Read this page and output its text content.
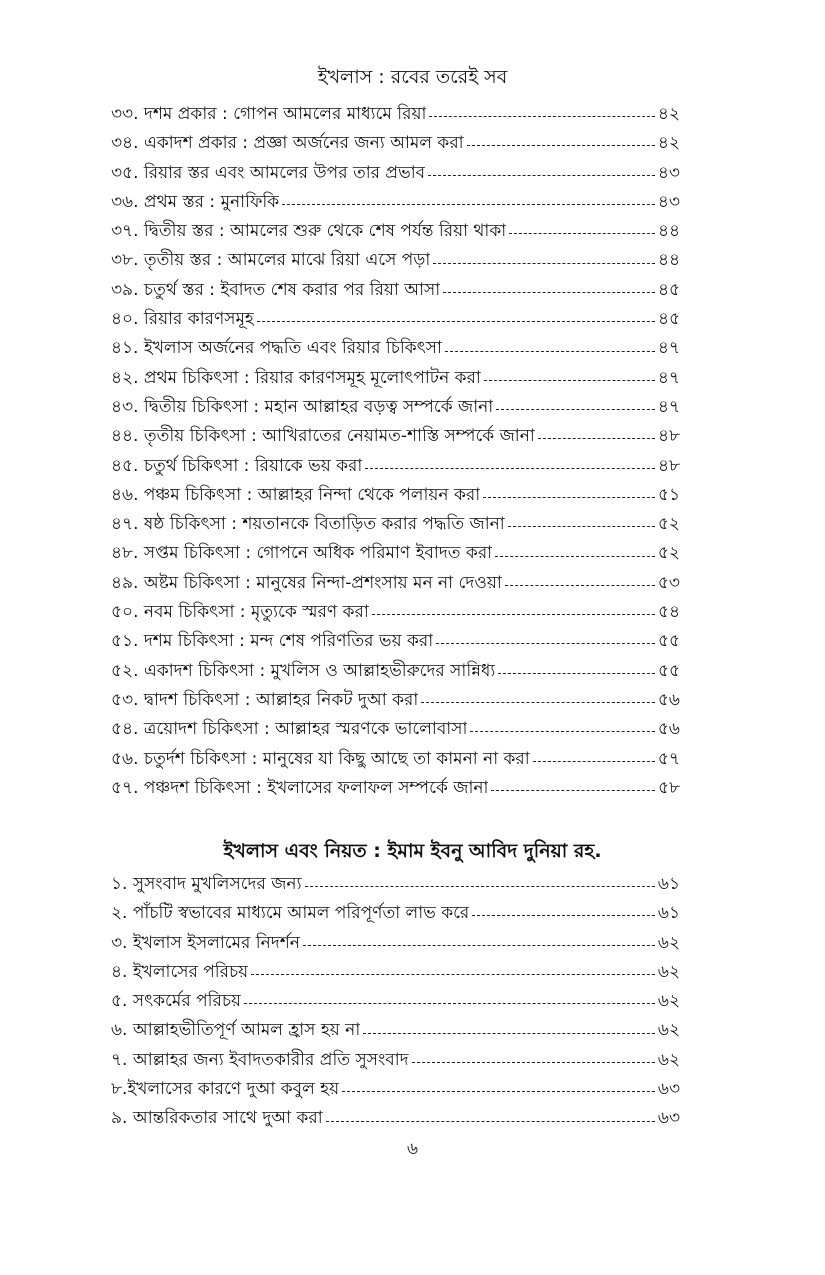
ইখলাস : রবের তরেই সব
৩৩. দশম প্রকার : গোপন আমলের মাধ্যমে রিয়া	৪২
৩৪. একাদশ প্রকার : প্রজ্ঞা অর্জনের জন্য আমল করা	৪২
৩৫. রিয়ার স্তর এবং আমলের উপর তার প্রভাব	৪৩
৩৬. প্রথম স্তর : মুনাফিকি	৪৩
৩৭. দ্বিতীয় স্তর : আমলের শুরু থেকে শেষ পর্যন্ত রিয়া থাকা	৪৪
৩৮. তৃতীয় স্তর : আমলের মাঝে রিয়া এসে পড়া	৪৪
৩৯. চতুর্থ স্তর : ইবাদত শেষ করার পর রিয়া আসা	৪৫
৪০. রিয়ার কারণসমূহ	৪৫
৪১. ইখলাস অর্জনের পদ্ধতি এবং রিয়ার চিকিৎসা	৪৭
৪২. প্রথম চিকিৎসা : রিয়ার কারণসমূহ মূলোৎপাটন করা	৪৭
৪৩. দ্বিতীয় চিকিৎসা : মহান আল্লাহর বড়ত্ব সম্পর্কে জানা	৪৭
৪৪. তৃতীয় চিকিৎসা : আখিরাতের নেয়ামত-শাস্তি সম্পর্কে জানা	৪৮
৪৫. চতুর্থ চিকিৎসা : রিয়াকে ভয় করা	৪৮
৪৬. পঞ্চম চিকিৎসা : আল্লাহর নিন্দা থেকে পলায়ন করা	৫১
৪৭. ষষ্ঠ চিকিৎসা : শয়তানকে বিতাড়িত করার পদ্ধতি জানা	৫২
৪৮. সপ্তম চিকিৎসা : গোপনে অধিক পরিমাণ ইবাদত করা	৫২
৪৯. অষ্টম চিকিৎসা : মানুষের নিন্দা-প্রশংসায় মন না দেওয়া	৫৩
৫০. নবম চিকিৎসা : মৃত্যুকে স্মরণ করা	৫৪
৫১. দশম চিকিৎসা : মন্দ শেষ পরিণতির ভয় করা	৫৫
৫২. একাদশ চিকিৎসা : মুখলিস ও আল্লাহভীরুদের সান্নিধ্য	৫৫
৫৩. দ্বাদশ চিকিৎসা : আল্লাহর নিকট দুআ করা	৫৬
৫৪. ত্রয়োদশ চিকিৎসা : আল্লাহর স্মরণকে ভালোবাসা	৫৬
৫৬. চতুর্দশ চিকিৎসা : মানুষের যা কিছু আছে তা কামনা না করা	৫৭
৫৭. পঞ্চদশ চিকিৎসা : ইখলাসের ফলাফল সম্পর্কে জানা	৫৮
ইখলাস এবং নিয়ত : ইমাম ইবনু আবিদ দুনিয়া রহ.
১. সুসংবাদ মুখলিসদের জন্য	৬১
২. পাঁচটি স্বভাবের মাধ্যমে আমল পরিপূর্ণতা লাভ করে	৬১
৩. ইখলাস ইসলামের নিদর্শন	৬২
৪. ইখলাসের পরিচয়	৬২
৫. সৎকর্মের পরিচয়	৬২
৬. আল্লাহভীতিপূর্ণ আমল হ্রাস হয় না	৬২
৭. আল্লাহর জন্য ইবাদতকারীর প্রতি সুসংবাদ	৬২
৮.ইখলাসের কারণে দুআ কবুল হয়	৬৩
৯. আন্তরিকতার সাথে দুআ করা	৬৩
৬
